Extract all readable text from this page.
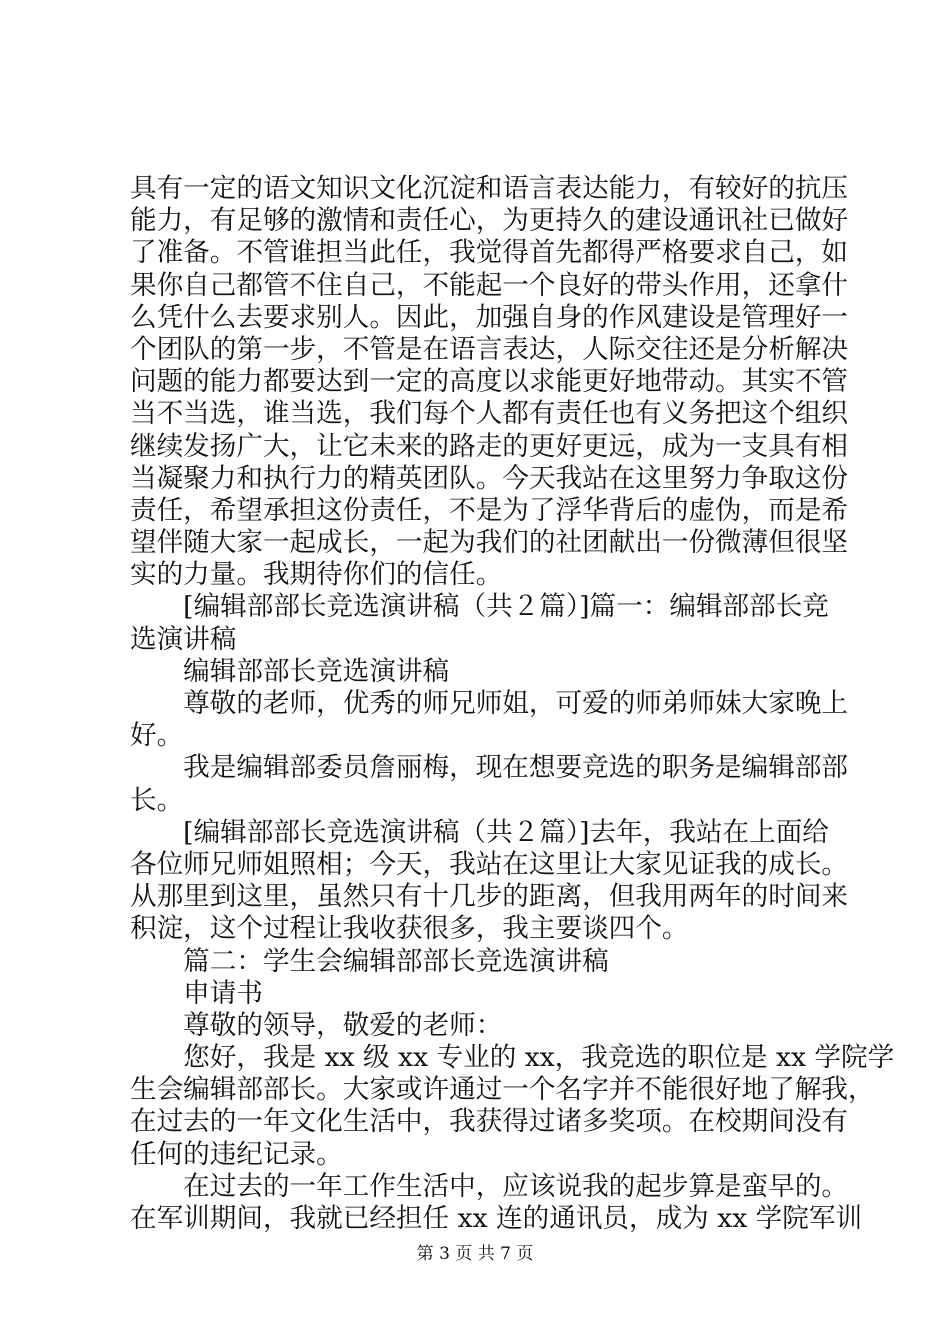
具有一定的语文知识文化沉淀和语言表达能力，有较好的抗压
能力，有足够的激情和责任心，为更持久的建设通讯社已做好
了准备。不管谁担当此任，我觉得首先都得严格要求自己，如
果你自己都管不住自己，不能起一个良好的带头作用，还拿什
么凭什么去要求别人。因此，加强自身的作风建设是管理好一
个团队的第一步，不管是在语言表达，人际交往还是分析解决
问题的能力都要达到一定的高度以求能更好地带动。其实不管
当不当选，谁当选，我们每个人都有责任也有义务把这个组织
继续发扬广大，让它未来的路走的更好更远，成为一支具有相
当凝聚力和执行力的精英团队。今天我站在这里努力争取这份
责任，希望承担这份责任，不是为了浮华背后的虚伪，而是希
望伴随大家一起成长，一起为我们的社团献出一份微薄但很坚
实的力量。我期待你们的信任。
　　[编辑部部长竞选演讲稿（共２篇）]篇一：编辑部部长竞
选演讲稿
　　编辑部部长竞选演讲稿
　　尊敬的老师，优秀的师兄师姐，可爱的师弟师妹大家晚上
好。
　　我是编辑部委员詹丽梅，现在想要竞选的职务是编辑部部
长。
　　[编辑部部长竞选演讲稿（共２篇）]去年，我站在上面给
各位师兄师姐照相；今天，我站在这里让大家见证我的成长。
从那里到这里，虽然只有十几步的距离，但我用两年的时间来
积淀，这个过程让我收获很多，我主要谈四个。
　　篇二：学生会编辑部部长竞选演讲稿
　　申请书
　　尊敬的领导，敬爱的老师：
　　您好，我是 xx 级 xx 专业的 xx，我竞选的职位是 xx 学院学
生会编辑部部长。大家或许通过一个名字并不能很好地了解我，
在过去的一年文化生活中，我获得过诸多奖项。在校期间没有
任何的违纪记录。
　　在过去的一年工作生活中，应该说我的起步算是蛮早的。
在军训期间，我就已经担任 xx 连的通讯员，成为 xx 学院军训
第 3 页 共 7 页
